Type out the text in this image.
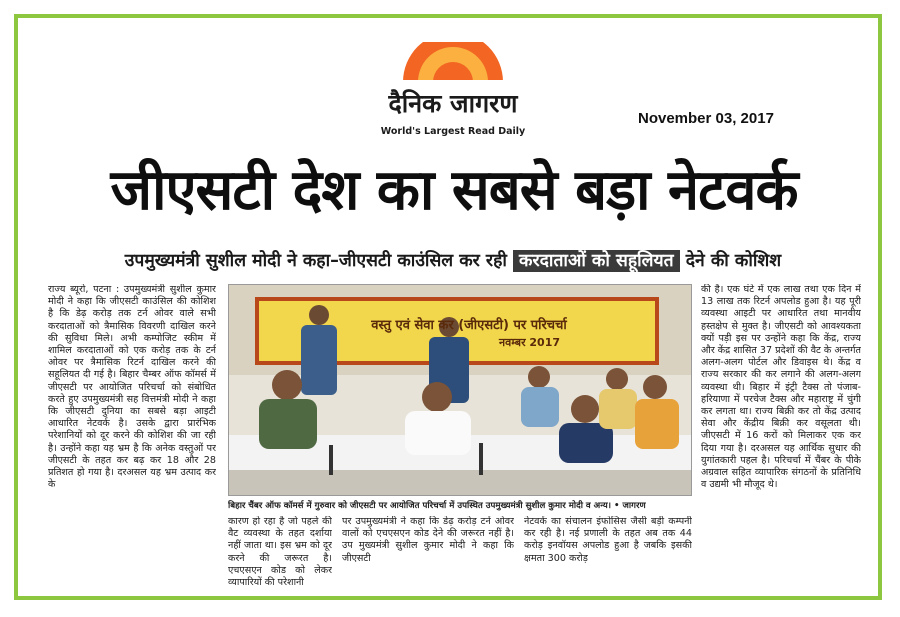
दैनिक जागरण
World's Largest Read Daily
November 03, 2017
जीएसटी देश का सबसे बड़ा नेटवर्क
उपमुख्यमंत्री सुशील मोदी ने कहा–जीएसटी काउंसिल कर रही करदाताओं को सहूलियत देने की कोशिश
राज्य ब्यूरो, पटना : उपमुख्यमंत्री सुशील कुमार मोदी ने कहा कि जीएसटी काउंसिल की कोशिश है कि डेढ़ करोड़ तक टर्न ओवर वाले सभी करदाताओं को त्रैमासिक विवरणी दाखिल करने की सुविधा मिले। अभी कम्पोजिट स्कीम में शामिल करदाताओं को एक करोड़ तक के टर्न ओवर पर त्रैमासिक रिटर्न दाखिल करने की सहूलियत दी गई है। बिहार चैम्बर ऑफ कॉमर्स में जीएसटी पर आयोजित परिचर्चा को संबोधित करते हुए उपमुख्यमंत्री सह वित्तमंत्री मोदी ने कहा कि जीएसटी दुनिया का सबसे बड़ा आइटी आधारित नेटवर्क है। उसके द्वारा प्रारंभिक परेशानियों को दूर करने की कोशिश की जा रही है। उन्होंने कहा यह भ्रम है कि अनेक वस्तुओं पर जीएसटी के तहत कर बढ़ कर 18 और 28 प्रतिशत हो गया है। दरअसल यह भ्रम उत्पाद कर के
वस्तु एवं सेवा कर (जीएसटी) पर परिचर्चा
नवम्बर 2017
बिहार चैंबर ऑफ कॉमर्स में गुरुवार को जीएसटी पर आयोजित परिचर्चा में उपस्थित उपमुख्यमंत्री सुशील कुमार मोदी व अन्य। • जागरण
कारण हो रहा है जो पहले की वैट व्यवस्था के तहत दर्शाया नहीं जाता था। इस भ्रम को दूर करने की जरूरत है। एचएसएन कोड को लेकर व्यापारियों की परेशानी
पर उपमुख्यमंत्री ने कहा कि डेढ़ करोड़ टर्न ओवर वालों को एचएसएन कोड देने की जरूरत नहीं है। उप मुख्यमंत्री सुशील कुमार मोदी ने कहा कि जीएसटी
नेटवर्क का संचालन इंफोसिस जैसी बड़ी कम्पनी कर रही है। नई प्रणाली के तहत अब तक 44 करोड़ इनवॉयस अपलोड हुआ है जबकि इसकी क्षमता 300 करोड़
की है। एक घंटे में एक लाख तथा एक दिन में 13 लाख तक रिटर्न अपलोड हुआ है। यह पूरी व्यवस्था आइटी पर आधारित तथा मानवीय हस्तक्षेप से मुक्त है। जीएसटी को आवश्यकता क्यों पड़ी इस पर उन्होंने कहा कि केंद्र, राज्य और केंद्र शासित 37 प्रदेशों की वैट के अन्तर्गत अलग-अलग पोर्टल और डिवाइस थे। केंद्र व राज्य सरकार की कर लगाने की अलग-अलग व्यवस्था थी। बिहार में इंट्री टैक्स तो पंजाब-हरियाणा में परचेज टैक्स और महाराष्ट्र में चुंगी कर लगता था। राज्य बिक्री कर तो केंद्र उत्पाद सेवा और केंद्रीय बिक्री कर वसूलता थी। जीएसटी में 16 करों को मिलाकर एक कर दिया गया है। दरअसल यह आर्थिक सुधार की युगांतकारी पहल है। परिचर्चा में चैंबर के पीके अग्रवाल सहित व्यापारिक संगठनों के प्रतिनिधि व उद्यमी भी मौजूद थे।
